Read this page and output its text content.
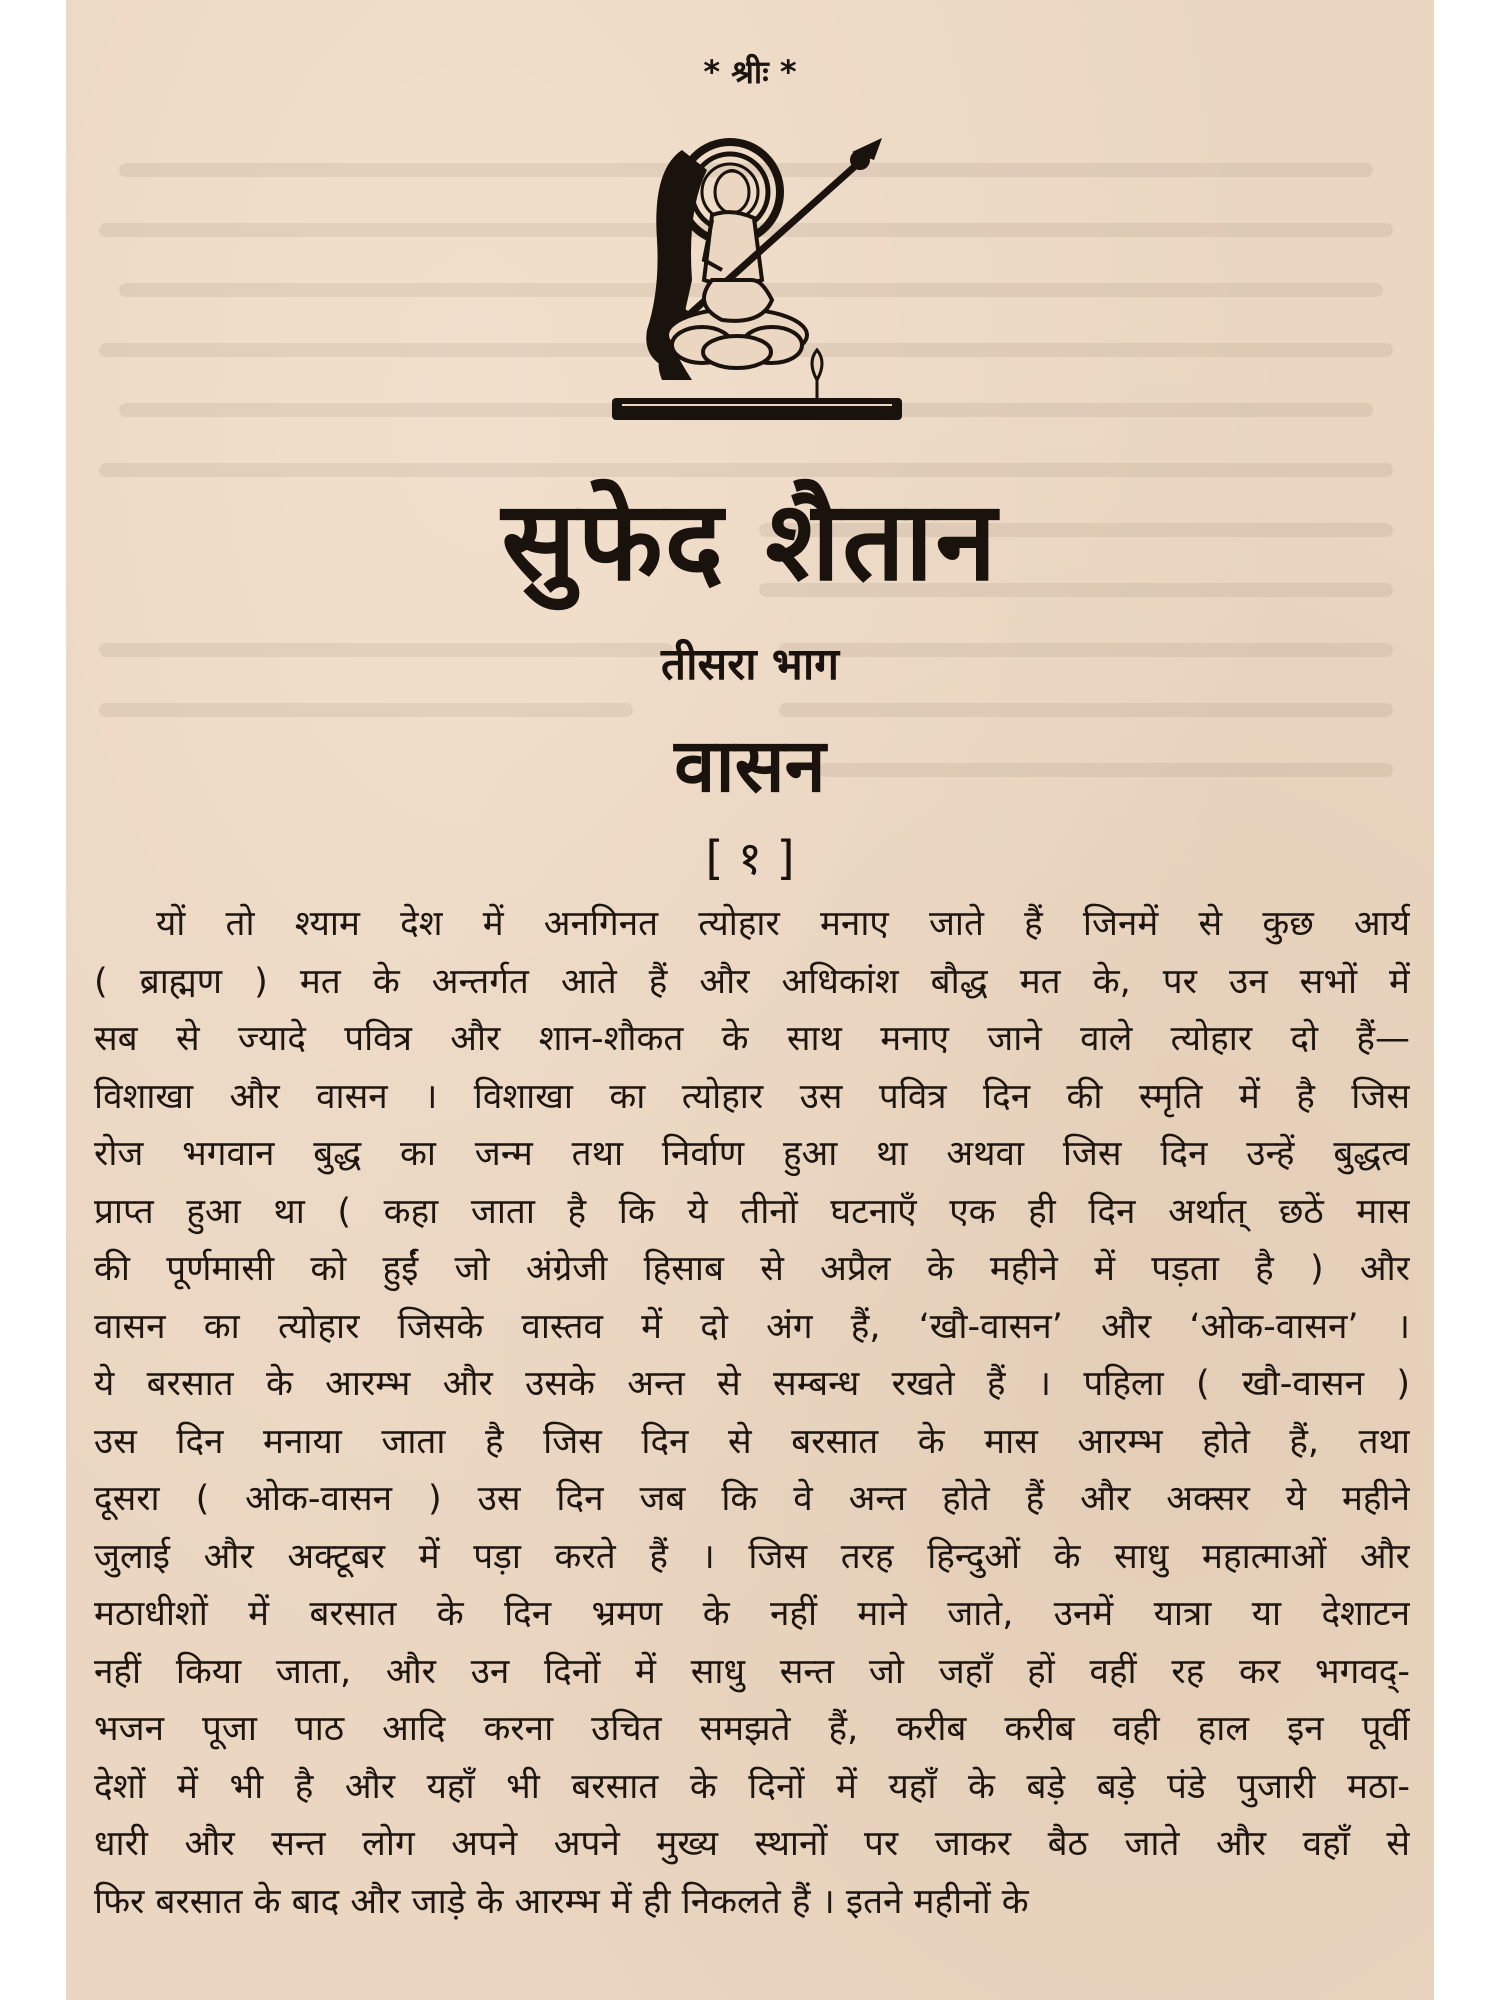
* श्रीः *
सुफेद शैतान
तीसरा भाग
वासन
[ १ ]
यों तो श्याम देश में अनगिनत त्योहार मनाए जाते हैं जिनमें से कुछ आर्य
( ब्राह्मण ) मत के अन्तर्गत आते हैं और अधिकांश बौद्ध मत के, पर उन सभों में
सब से ज्यादे पवित्र और शान-शौकत के साथ मनाए जाने वाले त्योहार दो हैं—
विशाखा और वासन । विशाखा का त्योहार उस पवित्र दिन की स्मृति में है जिस
रोज भगवान बुद्ध का जन्म तथा निर्वाण हुआ था अथवा जिस दिन उन्हें बुद्धत्व
प्राप्त हुआ था ( कहा जाता है कि ये तीनों घटनाएँ एक ही दिन अर्थात् छठें मास
की पूर्णमासी को हुईं जो अंग्रेजी हिसाब से अप्रैल के महीने में पड़ता है ) और
वासन का त्योहार जिसके वास्तव में दो अंग हैं, ‘खौ-वासन’ और ‘ओक-वासन’ ।
ये बरसात के आरम्भ और उसके अन्त से सम्बन्ध रखते हैं । पहिला ( खौ-वासन )
उस दिन मनाया जाता है जिस दिन से बरसात के मास आरम्भ होते हैं, तथा
दूसरा ( ओक-वासन ) उस दिन जब कि वे अन्त होते हैं और अक्सर ये महीने
जुलाई और अक्टूबर में पड़ा करते हैं । जिस तरह हिन्दुओं के साधु महात्माओं और
मठाधीशों में बरसात के दिन भ्रमण के नहीं माने जाते, उनमें यात्रा या देशाटन
नहीं किया जाता, और उन दिनों में साधु सन्त जो जहाँ हों वहीं रह कर भगवद्-
भजन पूजा पाठ आदि करना उचित समझते हैं, करीब करीब वही हाल इन पूर्वी
देशों में भी है और यहाँ भी बरसात के दिनों में यहाँ के बड़े बड़े पंडे पुजारी मठा-
धारी और सन्त लोग अपने अपने मुख्य स्थानों पर जाकर बैठ जाते और वहाँ से
फिर बरसात के बाद और जाड़े के आरम्भ में ही निकलते हैं । इतने महीनों के
